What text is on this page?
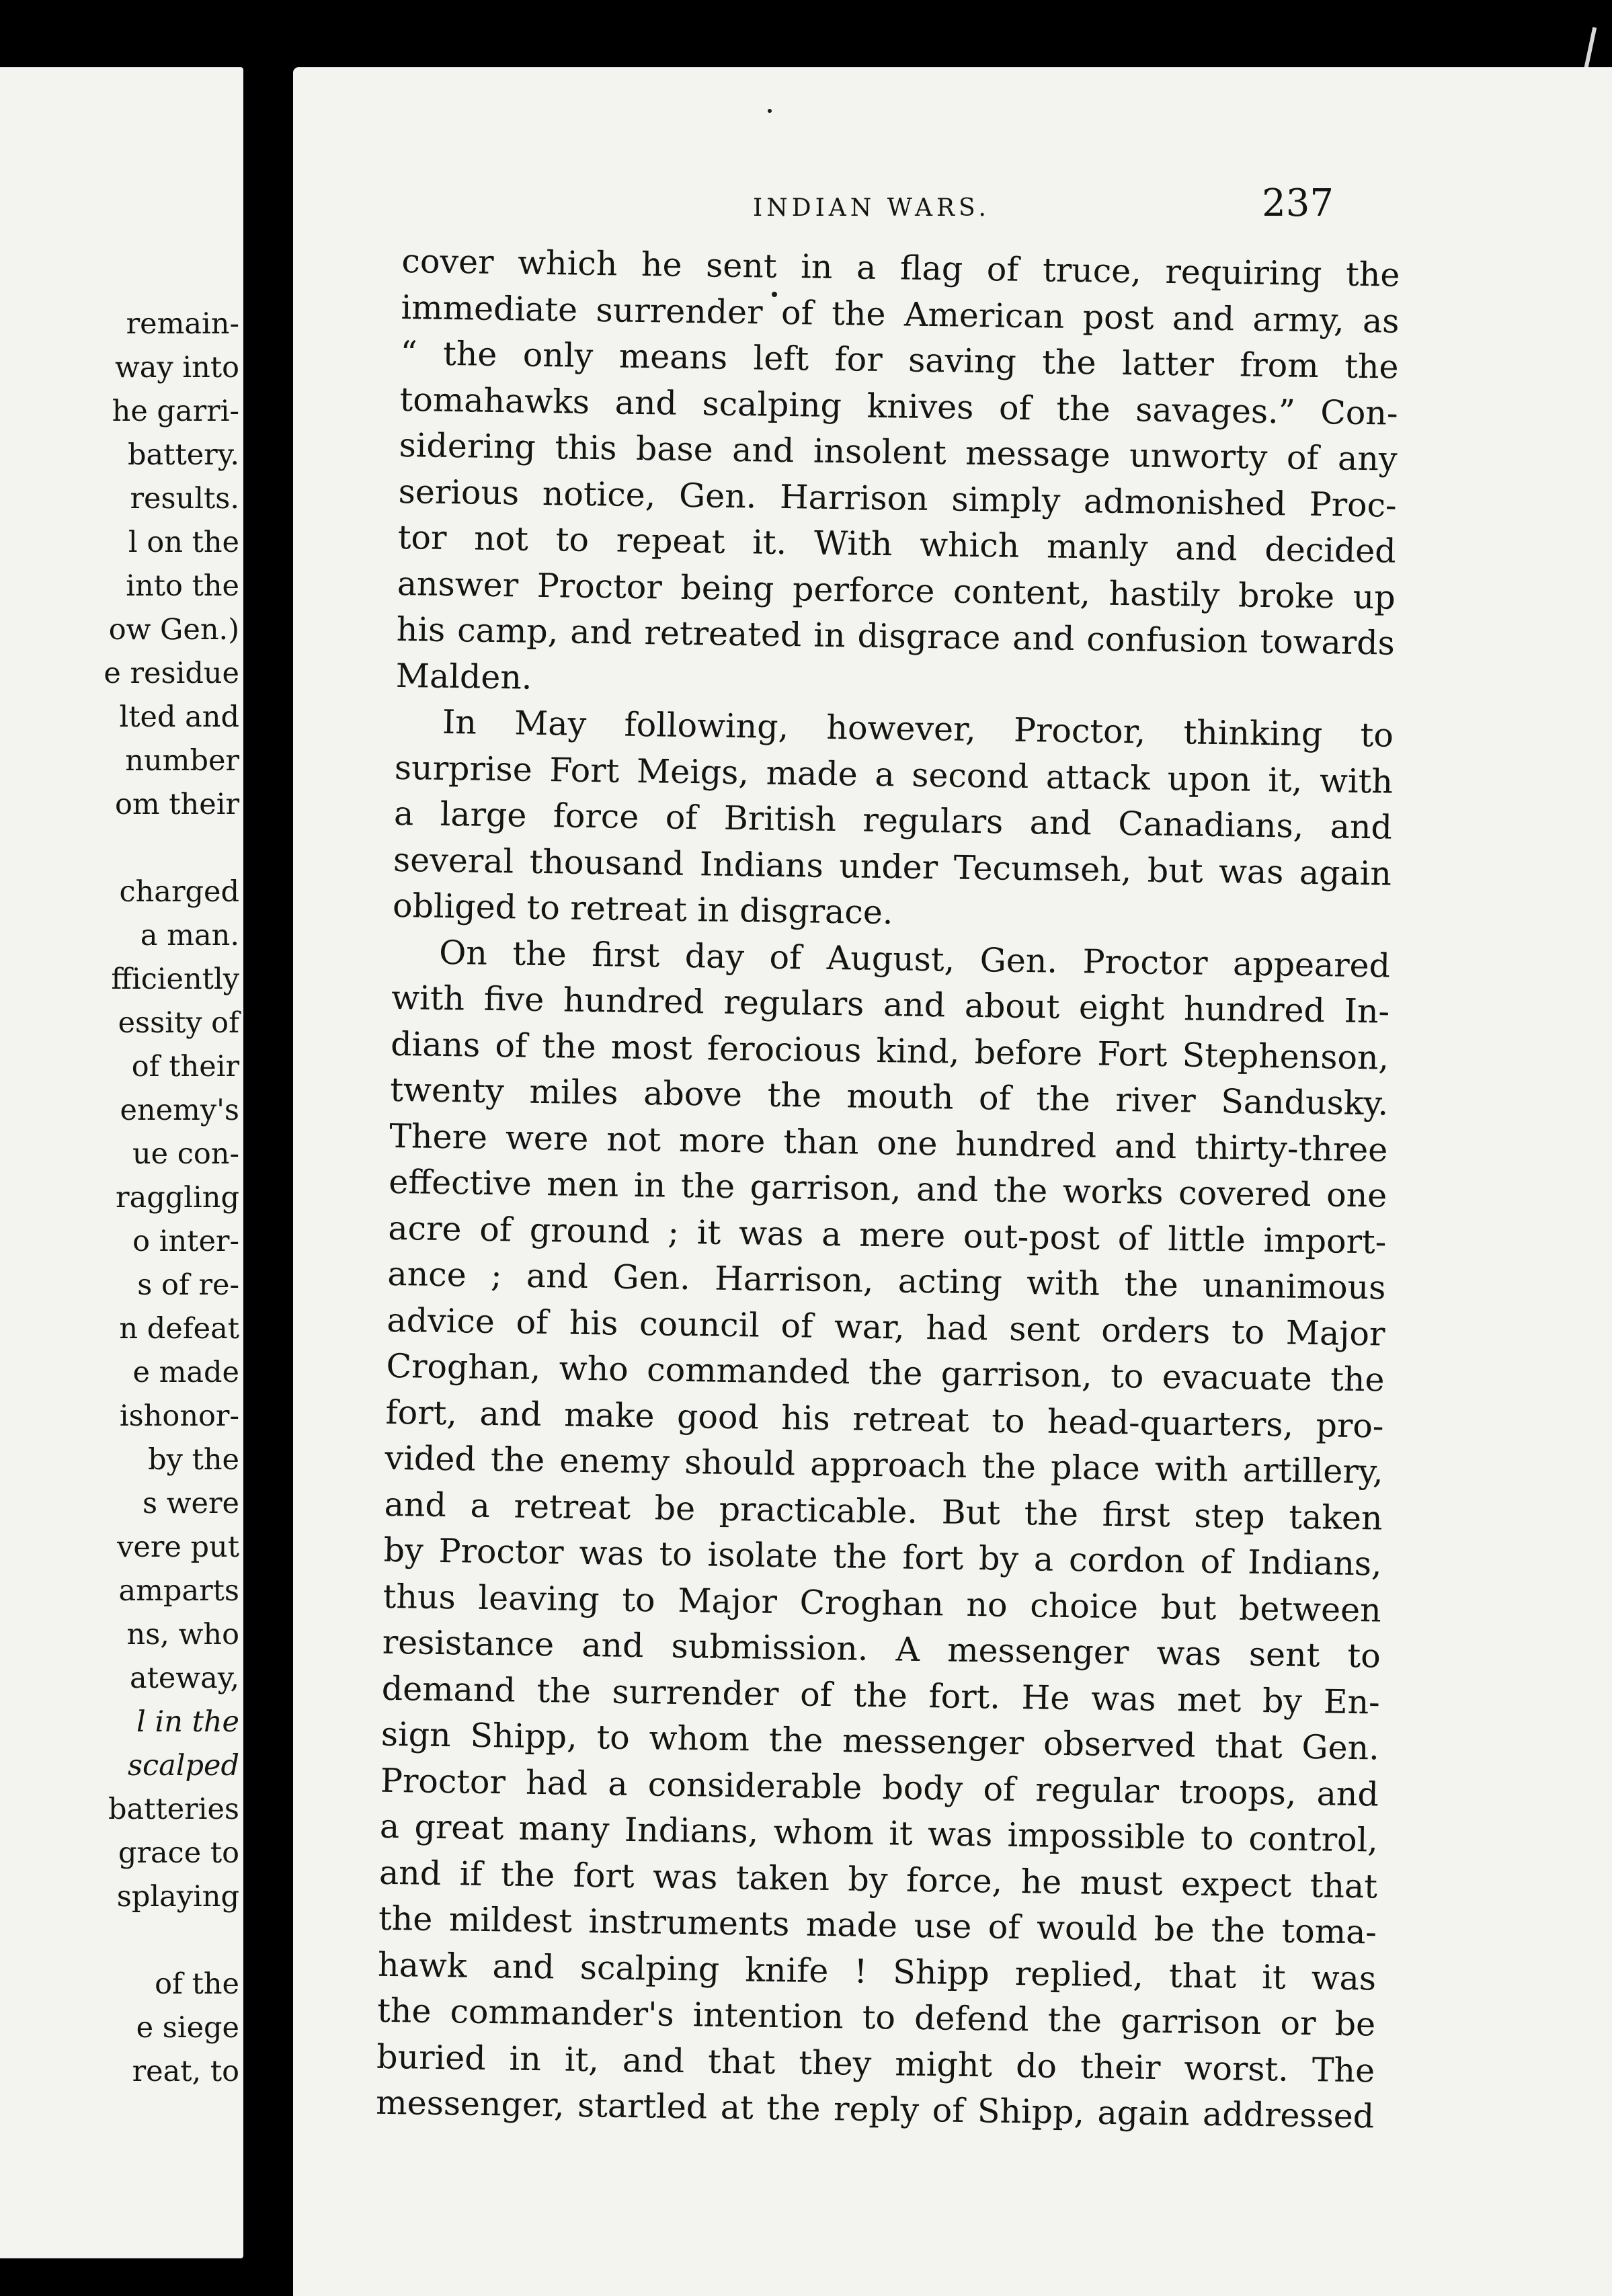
remain-
way into
he garri-
battery.
results.
l on the
into the
ow Gen.)
e residue
lted and
number
om their
charged
a man.
fficiently
essity of
of their
enemy's
ue con-
raggling
o inter-
s of re-
n defeat
e made
ishonor-
by the
s were
vere put
amparts
ns, who
ateway,
l in the
scalped
batteries
grace to
splaying
of the
e siege
reat, to
INDIAN WARS.	237
cover which he sent in a flag of truce, requiring the
immediate surrender of the American post and army, as
“ the only means left for saving the latter from the
tomahawks and scalping knives of the savages.” Con-
sidering this base and insolent message unworty of any
serious notice, Gen. Harrison simply admonished Proc-
tor not to repeat it. With which manly and decided
answer Proctor being perforce content, hastily broke up
his camp, and retreated in disgrace and confusion towards
Malden.
In May following, however, Proctor, thinking to
surprise Fort Meigs, made a second attack upon it, with
a large force of British regulars and Canadians, and
several thousand Indians under Tecumseh, but was again
obliged to retreat in disgrace.
On the first day of August, Gen. Proctor appeared
with five hundred regulars and about eight hundred In-
dians of the most ferocious kind, before Fort Stephenson,
twenty miles above the mouth of the river Sandusky.
There were not more than one hundred and thirty-three
effective men in the garrison, and the works covered one
acre of ground ; it was a mere out-post of little import-
ance ; and Gen. Harrison, acting with the unanimous
advice of his council of war, had sent orders to Major
Croghan, who commanded the garrison, to evacuate the
fort, and make good his retreat to head-quarters, pro-
vided the enemy should approach the place with artillery,
and a retreat be practicable. But the first step taken
by Proctor was to isolate the fort by a cordon of Indians,
thus leaving to Major Croghan no choice but between
resistance and submission. A messenger was sent to
demand the surrender of the fort. He was met by En-
sign Shipp, to whom the messenger observed that Gen.
Proctor had a considerable body of regular troops, and
a great many Indians, whom it was impossible to control,
and if the fort was taken by force, he must expect that
the mildest instruments made use of would be the toma-
hawk and scalping knife ! Shipp replied, that it was
the commander's intention to defend the garrison or be
buried in it, and that they might do their worst. The
messenger, startled at the reply of Shipp, again addressed
